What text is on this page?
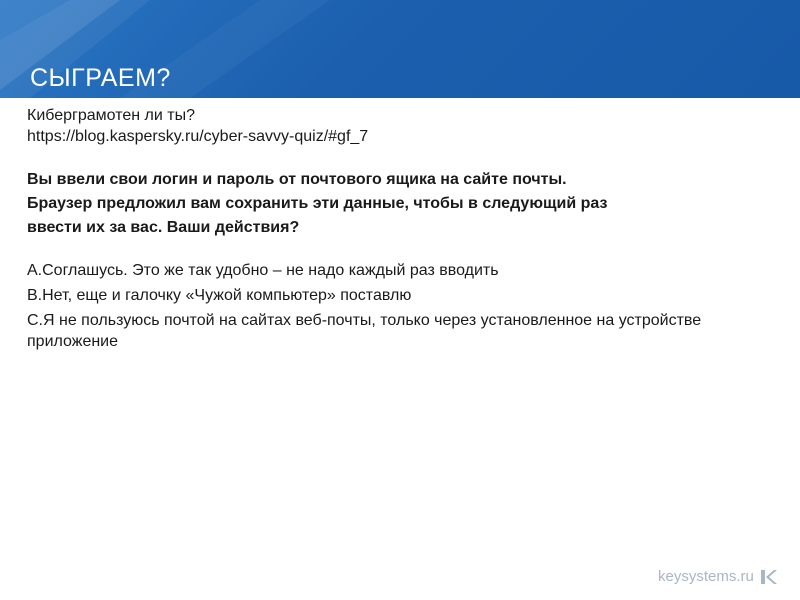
СЫГРАЕМ?
Киберграмотен ли ты?
https://blog.kaspersky.ru/cyber-savvy-quiz/#gf_7
Вы ввели свои логин и пароль от почтового ящика на сайте почты.
Браузер предложил вам сохранить эти данные, чтобы в следующий раз
ввести их за вас. Ваши действия?
А.Соглашусь. Это же так удобно – не надо каждый раз вводить
В.Нет, еще и галочку «Чужой компьютер» поставлю
С.Я не пользуюсь почтой на сайтах веб-почты, только через установленное на устройстве приложение
keysystems.ru
